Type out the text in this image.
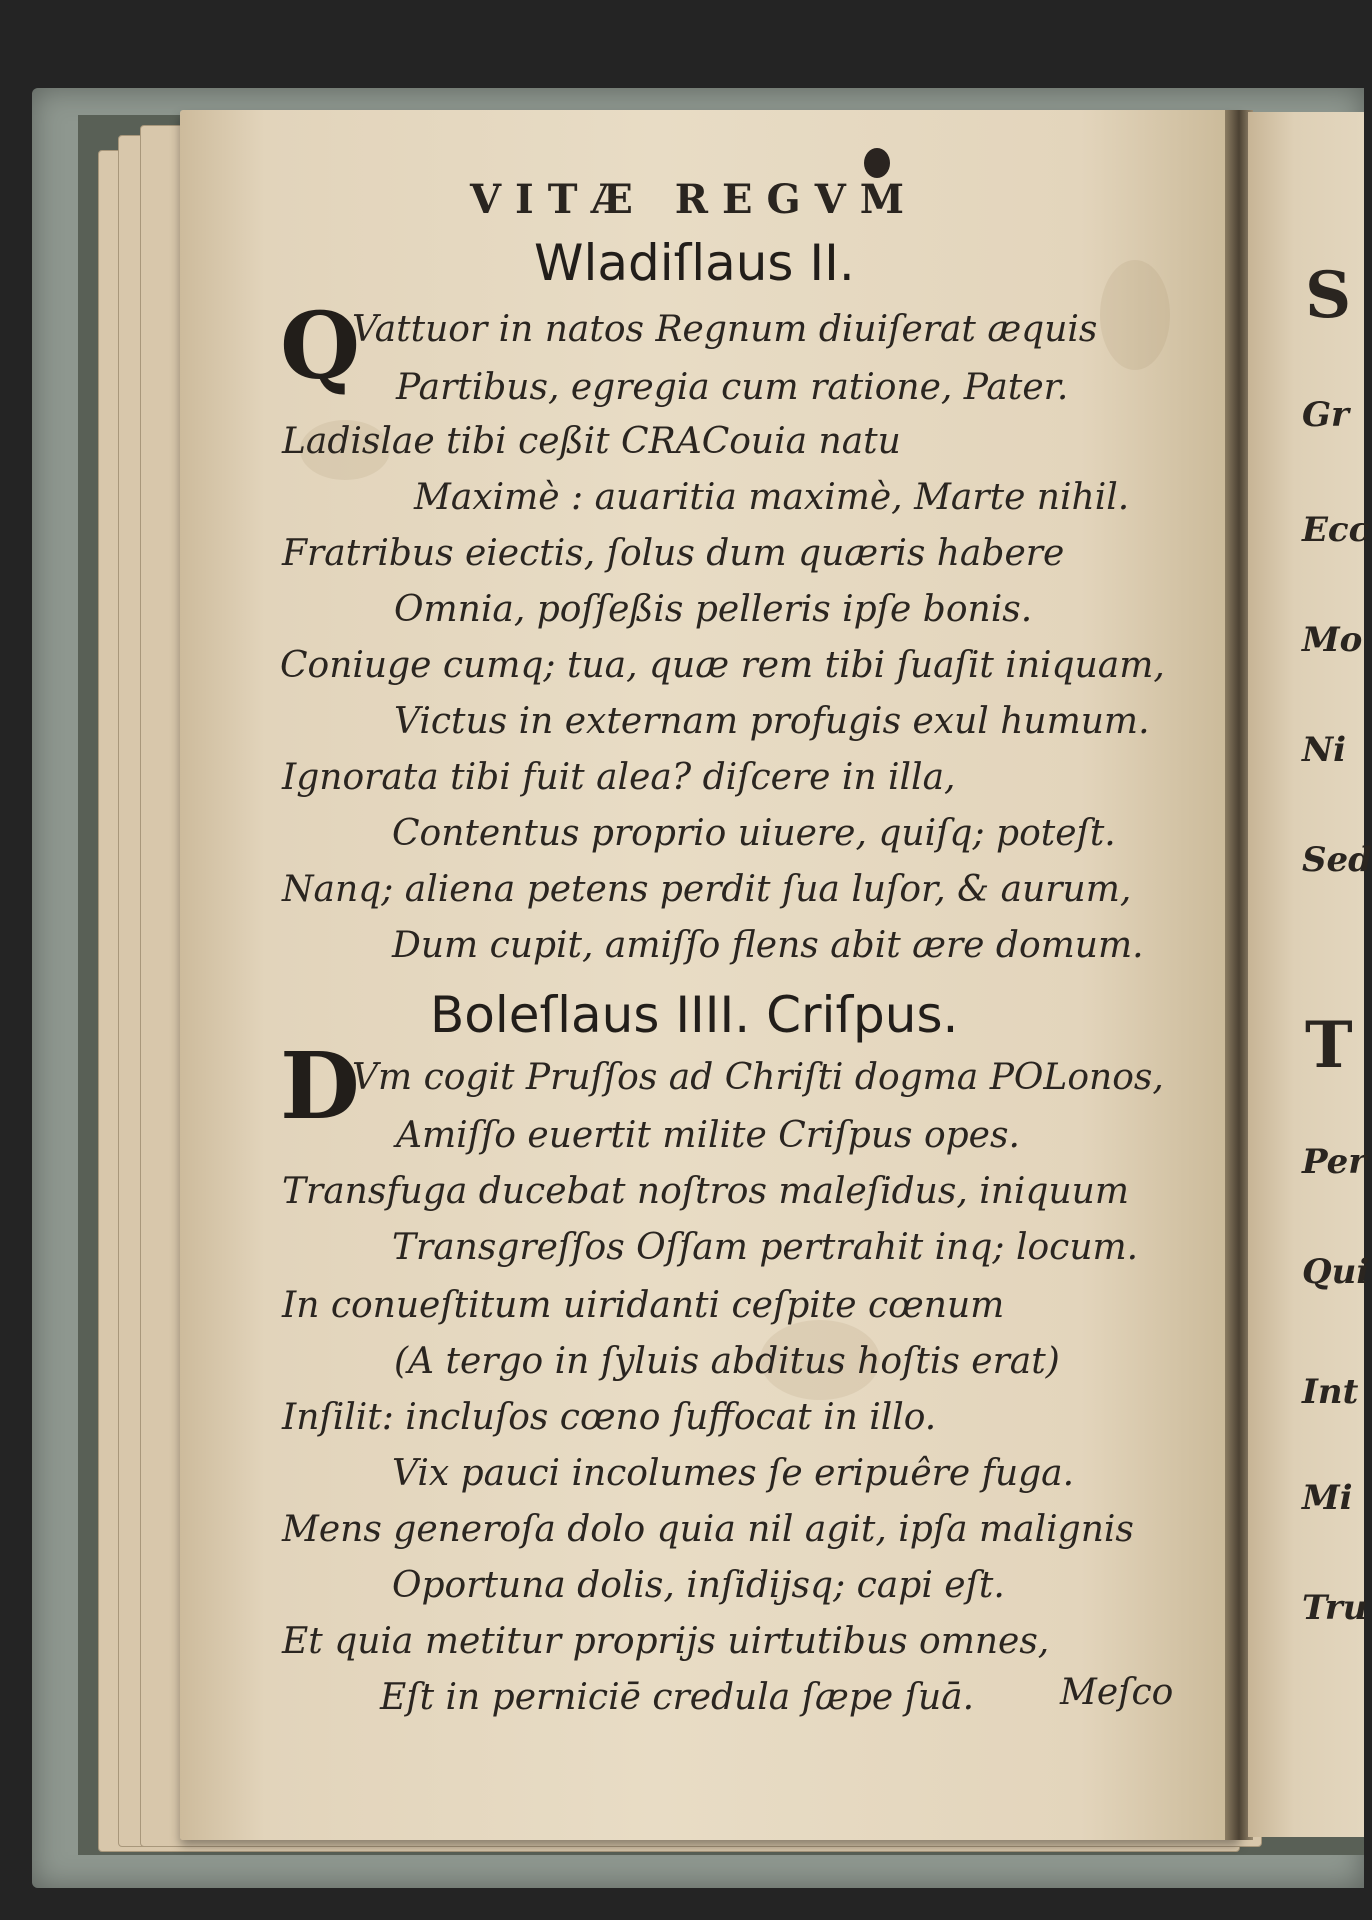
S
Gr
Ecc
Mo
Ni
Sed
T
Per
Qui
Int
Mi
Tru
VITÆ REGVM
Wladiſlaus II.
Q
Vattuor in natos Regnum diuiſerat æquis
Partibus, egregia cum ratione, Pater.
Ladislae tibi ceßit CRACouia natu
Maximè : auaritia maximè, Marte nihil.
Fratribus eiectis, ſolus dum quæris habere
Omnia, poſſeßis pelleris ipſe bonis.
Coniuge cumq; tua, quæ rem tibi ſuaſit iniquam,
Victus in externam profugis exul humum.
Ignorata tibi fuit alea? diſcere in illa,
Contentus proprio uiuere, quiſq; poteſt.
Nanq; aliena petens perdit ſua luſor, & aurum,
Dum cupit, amiſſo flens abit ære domum.
Boleſlaus IIII. Criſpus.
D
Vm cogit Pruſſos ad Chriſti dogma POLonos,
Amiſſo euertit milite Criſpus opes.
Transfuga ducebat noſtros maleſidus, iniquum
Transgreſſos Oſſam pertrahit inq; locum.
In conueſtitum uiridanti ceſpite cœnum
(A tergo in ſyluis abditus hoſtis erat)
Inſilit: incluſos cœno ſuffocat in illo.
Vix pauci incolumes ſe eripuêre fuga.
Mens generoſa dolo quia nil agit, ipſa malignis
Oportuna dolis, inſidijsq; capi eſt.
Et quia metitur proprijs uirtutibus omnes,
Eſt in perniciē credula ſæpe ſuā. Meſco
